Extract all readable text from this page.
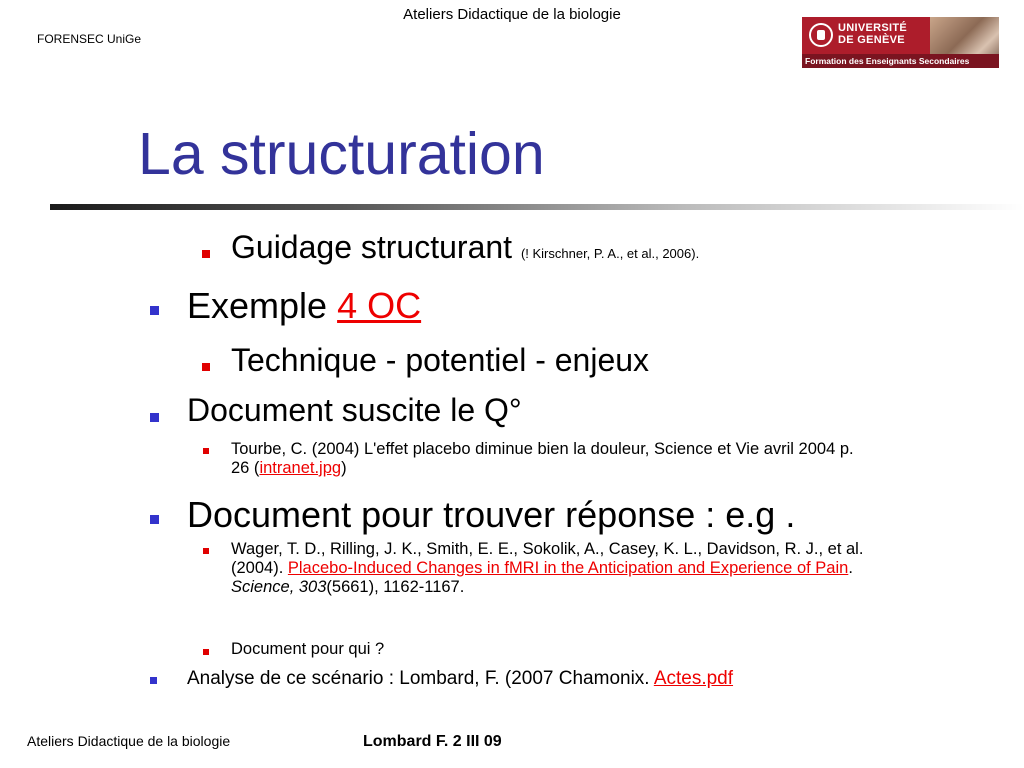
Ateliers Didactique de la biologie
FORENSEC UniGe
UNIVERSITÉ
DE GENÈVE
Formation des Enseignants Secondaires
La structuration
Guidage structurant (! Kirschner, P. A., et al., 2006).
Exemple 4 OC
Technique - potentiel - enjeux
Document suscite le Q°
Tourbe, C. (2004) L'effet placebo diminue bien la douleur, Science et Vie avril 2004 p.
26 (intranet.jpg)
Document pour trouver réponse : e.g .
Wager, T. D., Rilling, J. K., Smith, E. E., Sokolik, A., Casey, K. L., Davidson, R. J., et al.
(2004). Placebo-Induced Changes in fMRI in the Anticipation and Experience of Pain.
Science, 303(5661), 1162-1167.
Document pour qui ?
Analyse de ce scénario : Lombard, F. (2007 Chamonix. Actes.pdf
Ateliers Didactique de la biologie	Lombard F. 2 III 09
